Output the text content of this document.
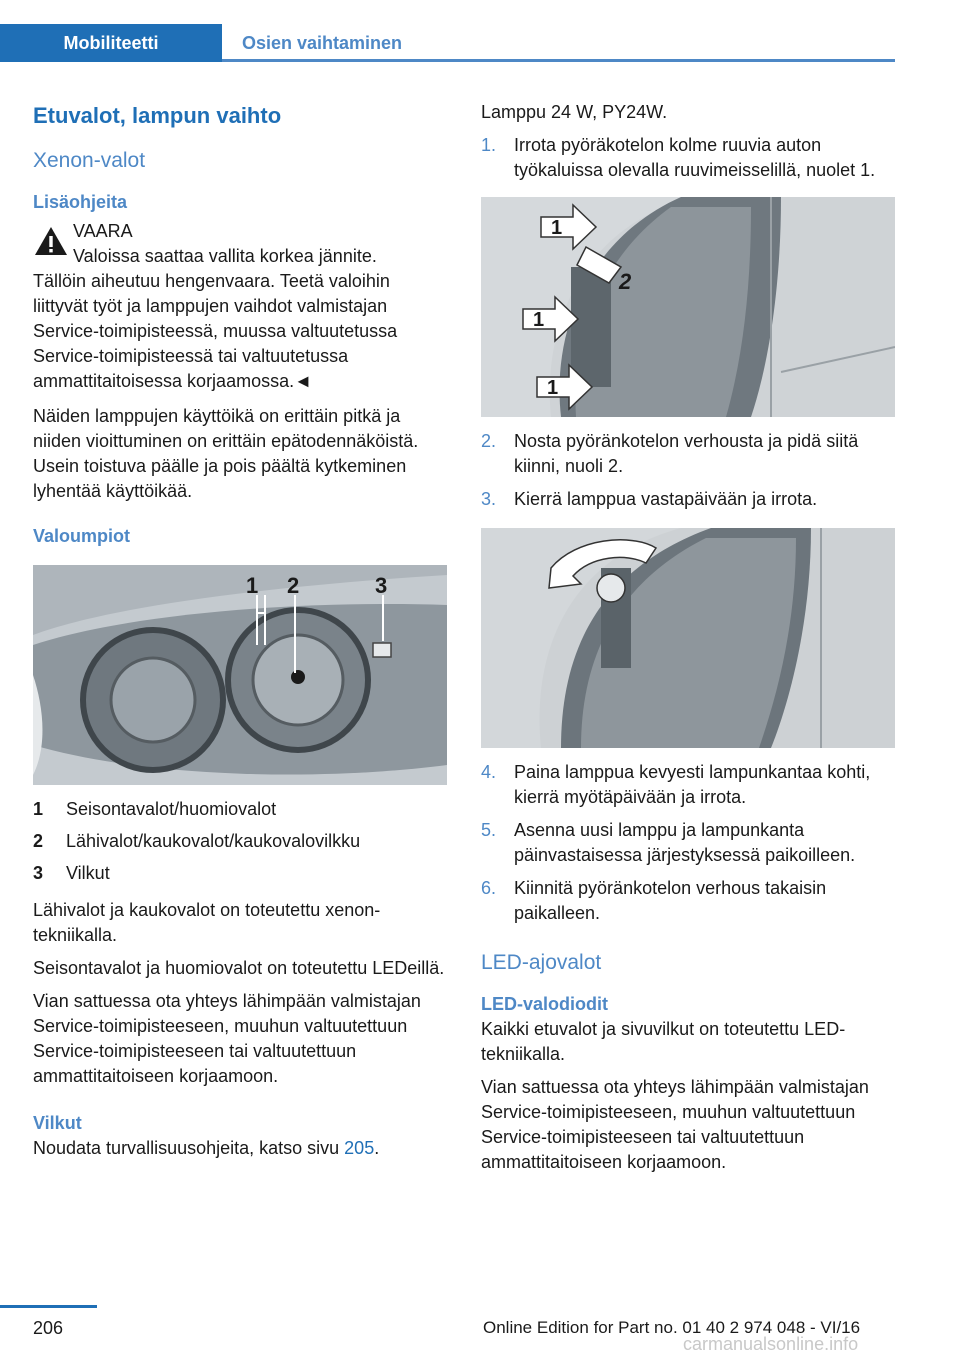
Mobiliteetti	Osien vaihtaminen
Etuvalot, lampun vaihto
Xenon-valot
Lisäohjeita
VAARA
Valoissa saattaa vallita korkea jännite.

Tällöin aiheutuu hengenvaara. Teetä valoihin liittyvät työt ja lamppujen vaihdot valmistajan Service-toimipisteessä, muussa valtuutetussa Service-toimipisteessä tai valtuutetussa ammattitaitoisessa korjaamossa.◄

Näiden lamppujen käyttöikä on erittäin pitkä ja niiden vioittuminen on erittäin epätodennäköistä. Usein toistuva päälle ja pois päältä kytkeminen lyhentää käyttöikää.

Valoumpiot
1 2	3
1	Seisontavalot/huomiovalot
2	Lähivalot/kaukovalot/kaukovalovilkku
3	Vilkut

Lähivalot ja kaukovalot on toteutettu xenon-tekniikalla.

Seisontavalot ja huomiovalot on toteutettu LEDeillä.

Vian sattuessa ota yhteys lähimpään valmistajan Service-toimipisteeseen, muuhun valtuutettuun Service-toimipisteeseen tai valtuutettuun ammattitaitoiseen korjaamoon.

Vilkut

Noudata turvallisuusohjeita, katso sivu 205.

Lamppu 24 W, PY24W.

1. Irrota pyöräkotelon kolme ruuvia auton työkaluissa olevalla ruuvimeisselillä, nuolet 1.
1
2
1
1
2. Nosta pyöränkotelon verhousta ja pidä siitä kiinni, nuoli 2.
3. Kierrä lamppua vastapäivään ja irrota.
4. Paina lamppua kevyesti lampunkantaa kohti, kierrä myötäpäivään ja irrota.
5. Asenna uusi lamppu ja lampunkanta päinvastaisessa järjestyksessä paikoilleen.
6. Kiinnitä pyöränkotelon verhous takaisin paikalleen.
LED-ajovalot
LED-valodiodit

Kaikki etuvalot ja sivuvilkut on toteutettu LED-tekniikalla.

Vian sattuessa ota yhteys lähimpään valmistajan Service-toimipisteeseen, muuhun valtuutettuun Service-toimipisteeseen tai valtuutettuun ammattitaitoiseen korjaamoon.

206	Online Edition for Part no. 01 40 2 974 048 - VI/16
carmanualsonline.info
